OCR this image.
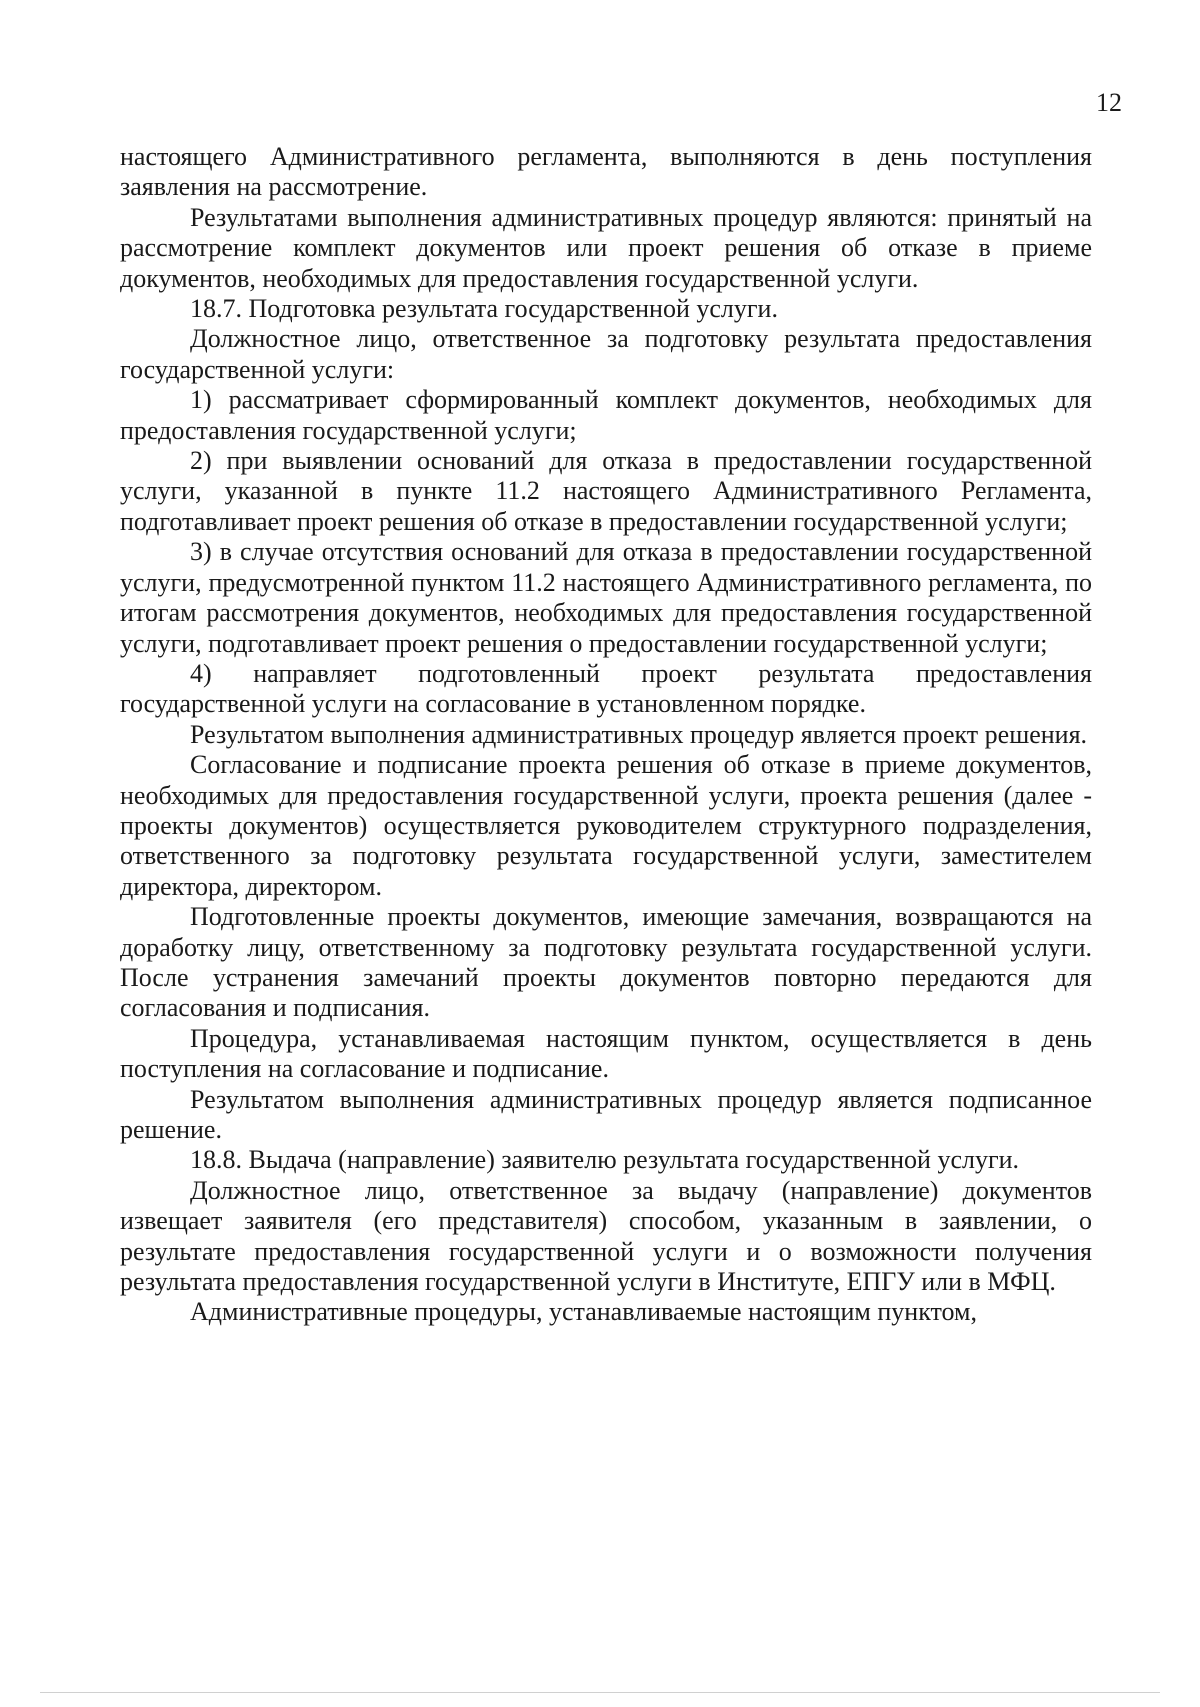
12

настоящего Административного регламента, выполняются в день поступления заявления на рассмотрение.

Результатами выполнения административных процедур являются: принятый на рассмотрение комплект документов или проект решения об отказе в приеме документов, необходимых для предоставления государственной услуги.

18.7. Подготовка результата государственной услуги.

Должностное лицо, ответственное за подготовку результата предоставления государственной услуги:

1) рассматривает сформированный комплект документов, необходимых для предоставления государственной услуги;

2) при выявлении оснований для отказа в предоставлении государственной услуги, указанной в пункте 11.2 настоящего Административного Регламента, подготавливает проект решения об отказе в предоставлении государственной услуги;

3) в случае отсутствия оснований для отказа в предоставлении государственной услуги, предусмотренной пунктом 11.2 настоящего Административного регламента, по итогам рассмотрения документов, необходимых для предоставления государственной услуги, подготавливает проект решения о предоставлении государственной услуги;

4) направляет подготовленный проект результата предоставления государственной услуги на согласование в установленном порядке.

Результатом выполнения административных процедур является проект решения.

Согласование и подписание проекта решения об отказе в приеме документов, необходимых для предоставления государственной услуги, проекта решения (далее - проекты документов) осуществляется руководителем структурного подразделения, ответственного за подготовку результата государственной услуги, заместителем директора, директором.

Подготовленные проекты документов, имеющие замечания, возвращаются на доработку лицу, ответственному за подготовку результата государственной услуги. После устранения замечаний проекты документов повторно передаются для согласования и подписания.

Процедура, устанавливаемая настоящим пунктом, осуществляется в день поступления на согласование и подписание.

Результатом выполнения административных процедур является подписанное решение.

18.8. Выдача (направление) заявителю результата государственной услуги.

Должностное лицо, ответственное за выдачу (направление) документов извещает заявителя (его представителя) способом, указанным в заявлении, о результате предоставления государственной услуги и о возможности получения результата предоставления государственной услуги в Институте, ЕПГУ или в МФЦ.

Административные процедуры, устанавливаемые настоящим пунктом,
